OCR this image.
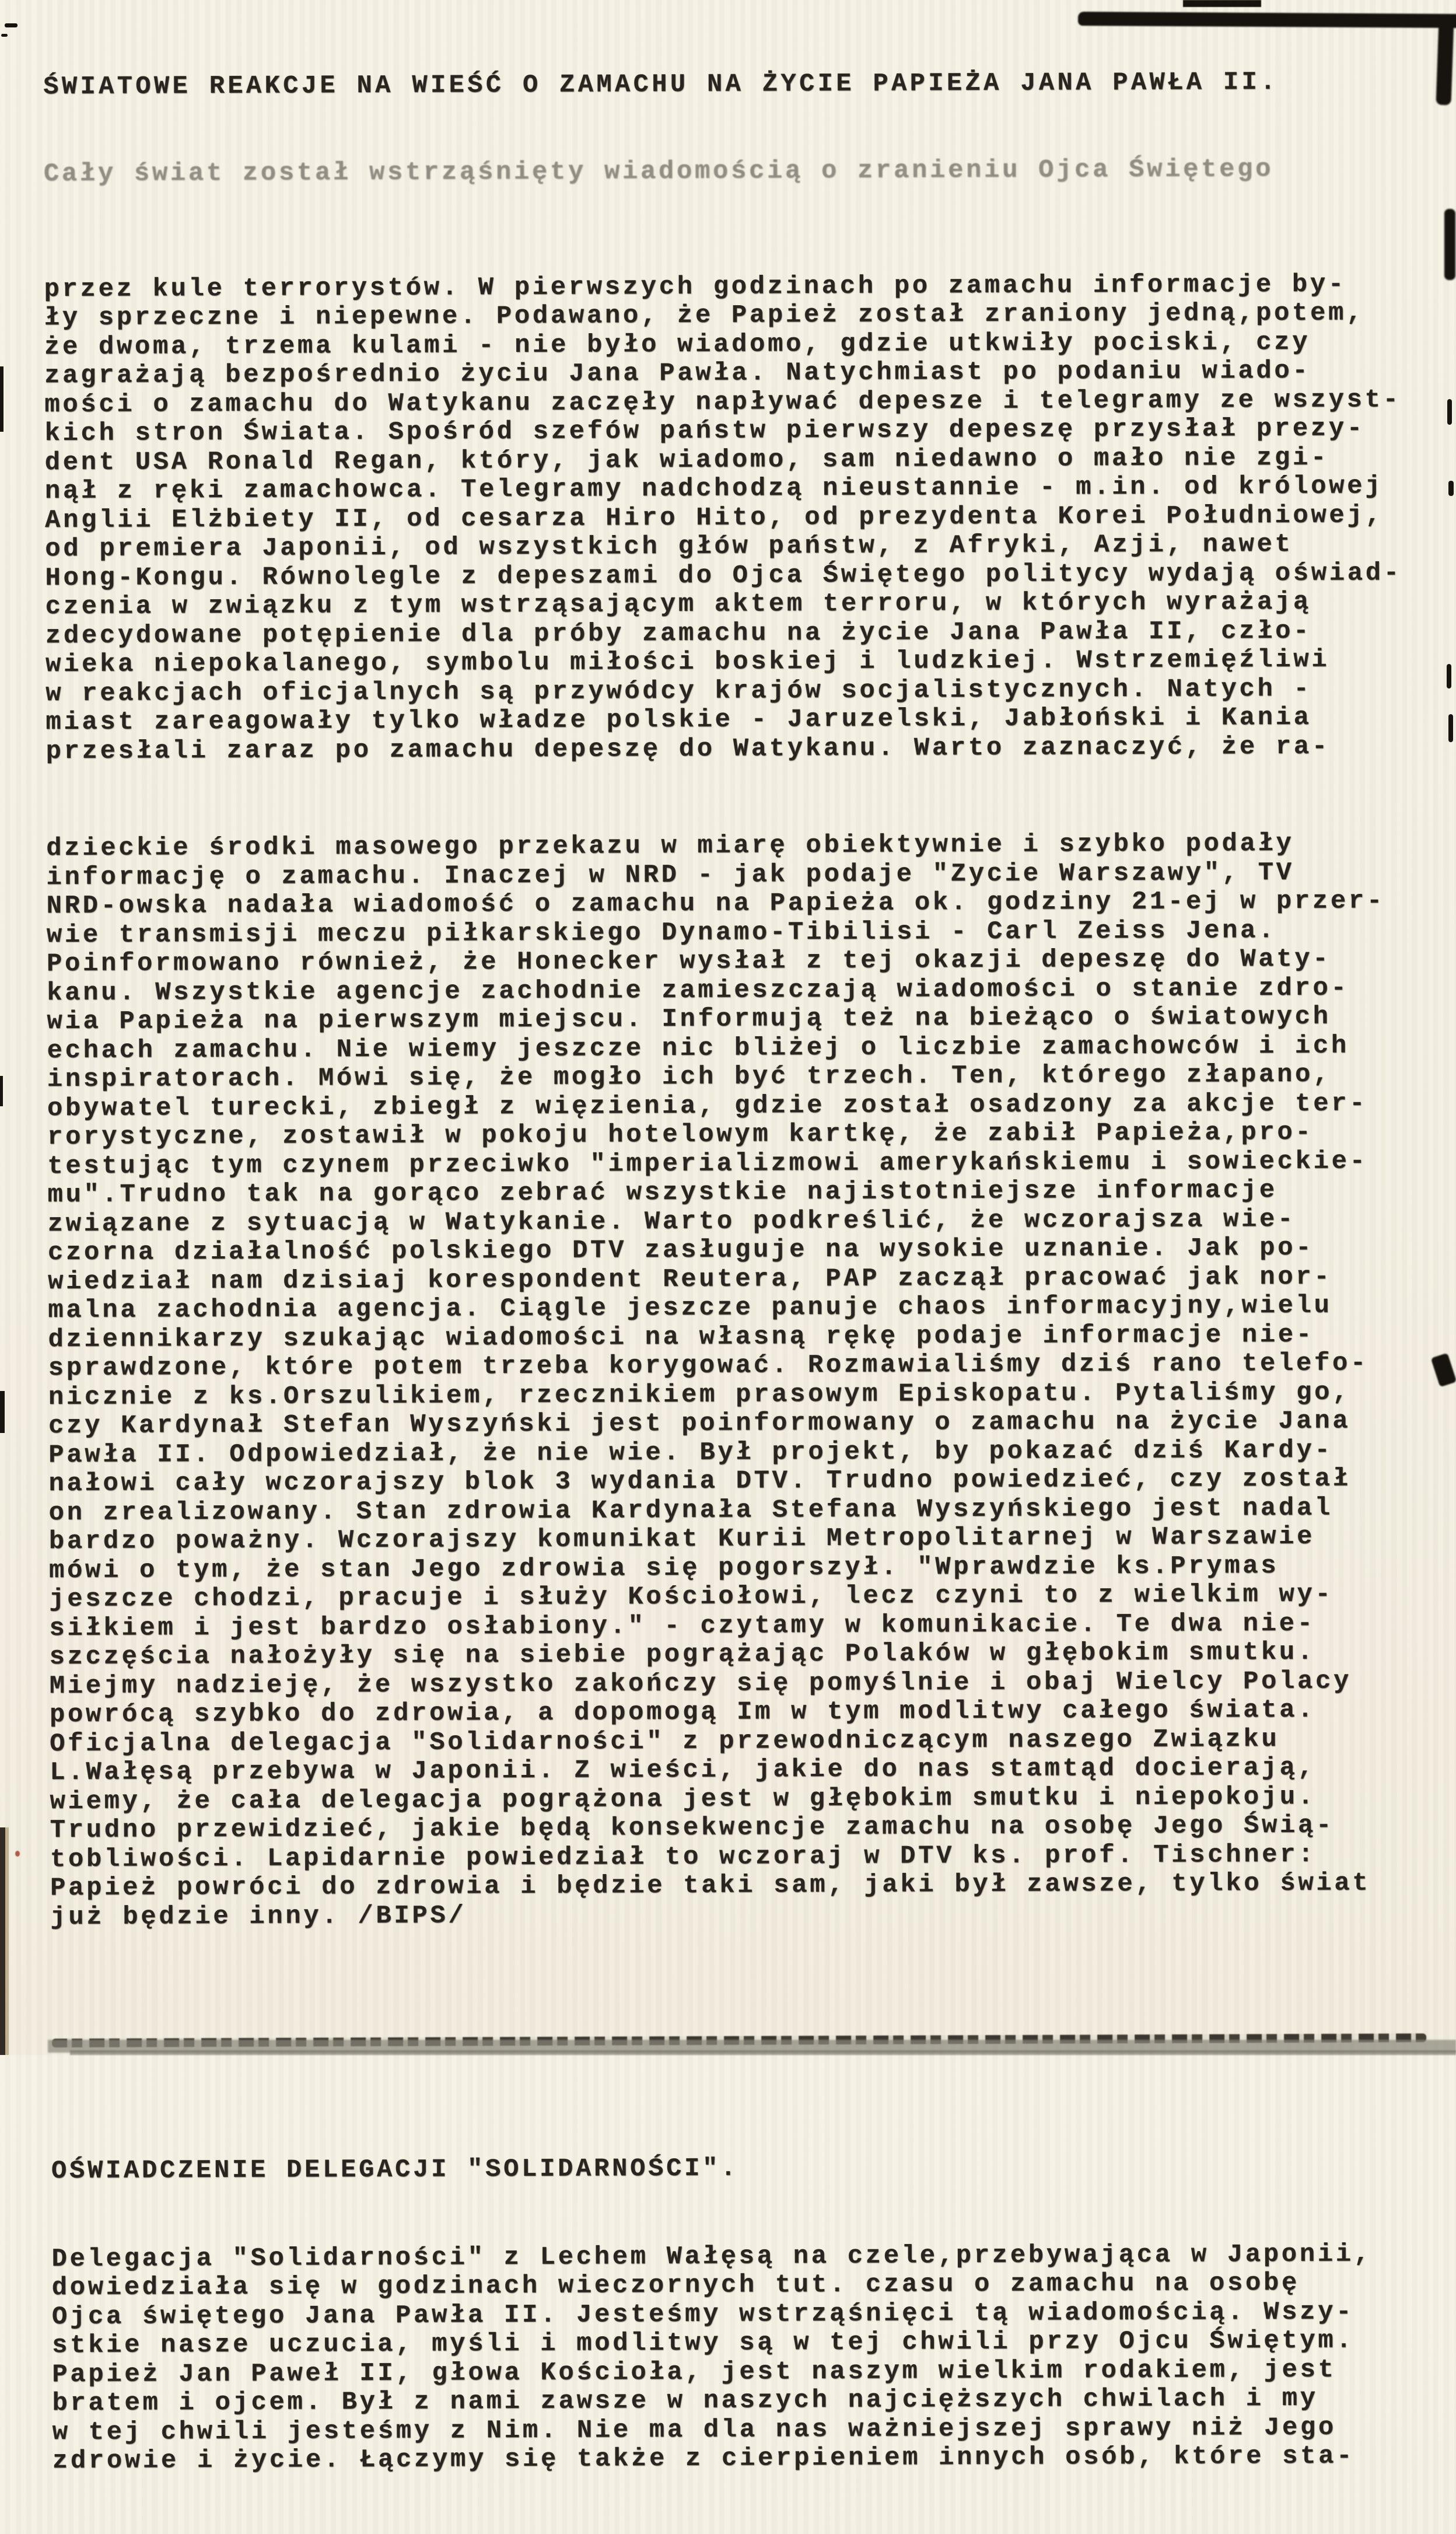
ŚWIATOWE REAKCJE NA WIEŚĆ O ZAMACHU NA ŻYCIE PAPIEŻA JANA PAWŁA II.

Cały świat został wstrząśnięty wiadomością o zranieniu Ojca Świętego

przez kule terrorystów. W pierwszych godzinach po zamachu informacje by-
ły sprzeczne i niepewne. Podawano, że Papież został zraniony jedną,potem,
że dwoma, trzema kulami - nie było wiadomo, gdzie utkwiły pociski, czy
zagrażają bezpośrednio życiu Jana Pawła. Natychmiast po podaniu wiado-
mości o zamachu do Watykanu zaczęły napływać depesze i telegramy ze wszyst-
kich stron Świata. Spośród szefów państw pierwszy depeszę przysłał prezy-
dent USA Ronald Regan, który, jak wiadomo, sam niedawno o mało nie zgi-
nął z ręki zamachowca. Telegramy nadchodzą nieustannie - m.in. od królowej
Anglii Elżbiety II, od cesarza Hiro Hito, od prezydenta Korei Południowej,
od premiera Japonii, od wszystkich głów państw, z Afryki, Azji, nawet
Hong-Kongu. Równolegle z depeszami do Ojca Świętego politycy wydają oświad-
czenia w związku z tym wstrząsającym aktem terroru, w których wyrażają
zdecydowane potępienie dla próby zamachu na życie Jana Pawła II, czło-
wieka niepokalanego, symbolu miłości boskiej i ludzkiej. Wstrzemięźliwi
w reakcjach oficjalnych są przywódcy krajów socjalistycznych. Natych -
miast zareagowały tylko władze polskie - Jaruzelski, Jabłoński i Kania
przesłali zaraz po zamachu depeszę do Watykanu. Warto zaznaczyć, że ra-

dzieckie środki masowego przekazu w miarę obiektywnie i szybko podały
informację o zamachu. Inaczej w NRD - jak podaje "Zycie Warszawy", TV
NRD-owska nadała wiadomość o zamachu na Papieża ok. godziny 21-ej w przer-
wie transmisji meczu piłkarskiego Dynamo-Tibilisi - Carl Zeiss Jena.
Poinformowano również, że Honecker wysłał z tej okazji depeszę do Waty-
kanu. Wszystkie agencje zachodnie zamieszczają wiadomości o stanie zdro-
wia Papieża na pierwszym miejscu. Informują też na bieżąco o światowych
echach zamachu. Nie wiemy jeszcze nic bliżej o liczbie zamachowców i ich
inspiratorach. Mówi się, że mogło ich być trzech. Ten, którego złapano,
obywatel turecki, zbiegł z więzienia, gdzie został osadzony za akcje ter-
rorystyczne, zostawił w pokoju hotelowym kartkę, że zabił Papieża,pro-
testując tym czynem przeciwko "imperializmowi amerykańskiemu i sowieckie-
mu".Trudno tak na gorąco zebrać wszystkie najistotniejsze informacje
związane z sytuacją w Watykanie. Warto podkreślić, że wczorajsza wie-
czorna działalność polskiego DTV zasługuje na wysokie uznanie. Jak po-
wiedział nam dzisiaj korespondent Reutera, PAP zaczął pracować jak nor-
malna zachodnia agencja. Ciągle jeszcze panuje chaos informacyjny,wielu
dziennikarzy szukając wiadomości na własną rękę podaje informacje nie-
sprawdzone, które potem trzeba korygować. Rozmawialiśmy dziś rano telefo-
nicznie z ks.Orszulikiem, rzecznikiem prasowym Episkopatu. Pytaliśmy go,
czy Kardynał Stefan Wyszyński jest poinformowany o zamachu na życie Jana
Pawła II. Odpowiedział, że nie wie. Był projekt, by pokazać dziś Kardy-
nałowi cały wczorajszy blok 3 wydania DTV. Trudno powiedzieć, czy został
on zrealizowany. Stan zdrowia Kardynała Stefana Wyszyńskiego jest nadal
bardzo poważny. Wczorajszy komunikat Kurii Metropolitarnej w Warszawie
mówi o tym, że stan Jego zdrowia się pogorszył. "Wprawdzie ks.Prymas
jeszcze chodzi, pracuje i służy Kościołowi, lecz czyni to z wielkim wy-
siłkiem i jest bardzo osłabiony." - czytamy w komunikacie. Te dwa nie-
szczęścia nałożyły się na siebie pogrążając Polaków w głębokim smutku.
Miejmy nadzieję, że wszystko zakończy się pomyślnie i obaj Wielcy Polacy
powrócą szybko do zdrowia, a dopomogą Im w tym modlitwy całego świata.
Oficjalna delegacja "Solidarności" z przewodniczącym naszego Związku
L.Wałęsą przebywa w Japonii. Z wieści, jakie do nas stamtąd docierają,
wiemy, że cała delegacja pogrążona jest w głębokim smutku i niepokoju.
Trudno przewidzieć, jakie będą konsekwencje zamachu na osobę Jego Świą-
tobliwości. Lapidarnie powiedział to wczoraj w DTV ks. prof. Tischner:
Papież powróci do zdrowia i będzie taki sam, jaki był zawsze, tylko świat
już będzie inny. /BIPS/

OŚWIADCZENIE DELEGACJI "SOLIDARNOŚCI".

Delegacja "Solidarności" z Lechem Wałęsą na czele,przebywająca w Japonii,
dowiedziała się w godzinach wieczornych tut. czasu o zamachu na osobę
Ojca świętego Jana Pawła II. Jesteśmy wstrząśnięci tą wiadomością. Wszy-
stkie nasze uczucia, myśli i modlitwy są w tej chwili przy Ojcu Świętym.
Papież Jan Paweł II, głowa Kościoła, jest naszym wielkim rodakiem, jest
bratem i ojcem. Był z nami zawsze w naszych najcięższych chwilach i my
w tej chwili jesteśmy z Nim. Nie ma dla nas ważniejszej sprawy niż Jego
zdrowie i życie. Łączymy się także z cierpieniem innych osób, które sta-
